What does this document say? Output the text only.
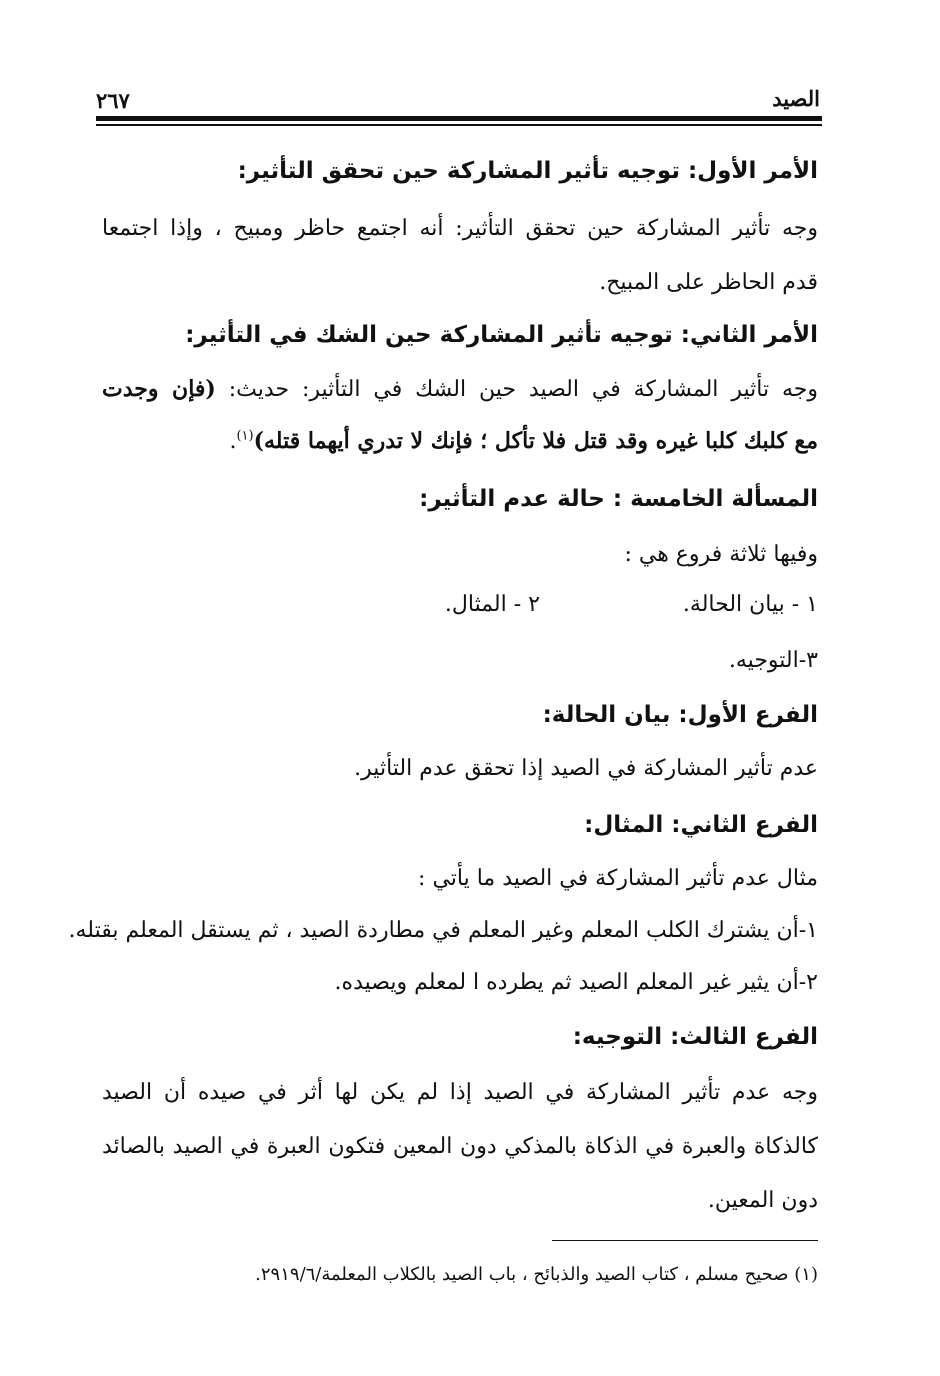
الصيد
٢٦٧
الأمر الأول: توجيه تأثير المشاركة حين تحقق التأثير:
وجه تأثير المشاركة حين تحقق التأثير: أنه اجتمع حاظر ومبيح ، وإذا اجتمعا
قدم الحاظر على المبيح.
الأمر الثاني: توجيه تأثير المشاركة حين الشك في التأثير:
وجه تأثير المشاركة في الصيد حين الشك في التأثير: حديث: (فإن وجدت
مع كلبك كلبا غيره وقد قتل فلا تأكل ؛ فإنك لا تدري أيهما قتله)$^{(١)}$.
المسألة الخامسة : حالة عدم التأثير:
وفيها ثلاثة فروع هي :
١ - بيان الحالة.
٢ - المثال.
٣-التوجيه.
الفرع الأول: بيان الحالة:
عدم تأثير المشاركة في الصيد إذا تحقق عدم التأثير.
الفرع الثاني: المثال:
مثال عدم تأثير المشاركة في الصيد ما يأتي :
١-أن يشترك الكلب المعلم وغير المعلم في مطاردة الصيد ، ثم يستقل المعلم بقتله.
٢-أن يثير غير المعلم الصيد ثم يطرده ا لمعلم ويصيده.
الفرع الثالث: التوجيه:
وجه عدم تأثير المشاركة في الصيد إذا لم يكن لها أثر في صيده أن الصيد
كالذكاة والعبرة في الذكاة بالمذكي دون المعين فتكون العبرة في الصيد بالصائد
دون المعين.
(١) صحيح مسلم ، كتاب الصيد والذبائح ، باب الصيد بالكلاب المعلمة/٢٩١٩/٦.
